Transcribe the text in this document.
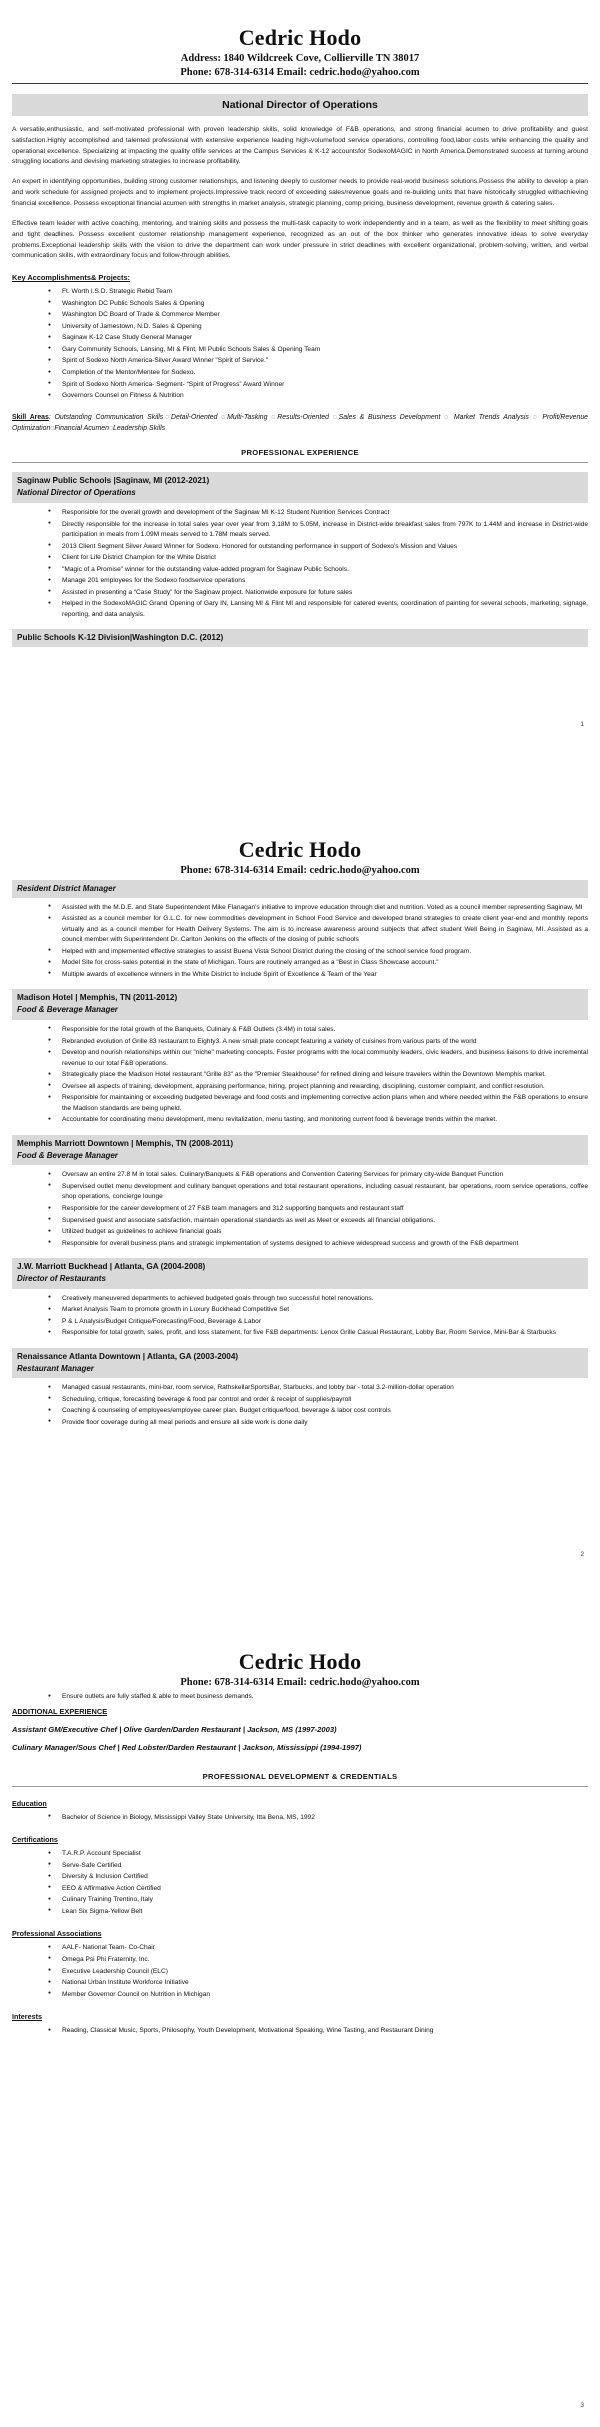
Cedric Hodo
Address: 1840 Wildcreek Cove, Collierville TN 38017
Phone: 678-314-6314 Email: cedric.hodo@yahoo.com
National Director of Operations

A versatile,enthusiastic, and self-motivated professional with proven leadership skills, solid knowledge of F&B operations, and strong financial acumen to drive profitability and guest satisfaction.Highly accomplished and talented professional with extensive experience leading high-volumefood service operations, controlling food,labor costs while enhancing the quality and operational excellence. Specializing at impacting the quality oflife services at the Campus Services & K-12 accountsfor SodexoMAGIC in North America.Demonstrated success at turning around struggling locations and devising marketing strategies to increase profitability.

An expert in identifying opportunities, building strong customer relationships, and listening deeply to customer needs to provide real-world business solutions.Possess the ability to develop a plan and work schedule for assigned projects and to implement projects.Impressive track record of exceeding sales/revenue goals and re-building units that have historically struggled withachieving financial excellence. Possess exceptional financial acumen with strengths in market analysis, strategic planning, comp pricing, business development, revenue growth & catering sales.

Effective team leader with active coaching, mentoring, and training skills and possess the multi-task capacity to work independently and in a team, as well as the flexibility to meet shifting goals and tight deadlines. Possess excellent customer relationship management experience, recognized as an out of the box thinker who generates innovative ideas to solve everyday problems.Exceptional leadership skills with the vision to drive the department can work under pressure in strict deadlines with excellent organizational, problem-solving, written, and verbal communication skills, with extraordinary focus and follow-through abilities.

Key Accomplishments& Projects:
● Ft. Worth I.S.D. Strategic Rebid Team
● Washington DC Public Schools Sales & Opening
● Washington DC Board of Trade & Commerce Member
● University of Jamestown, N.D. Sales & Opening
● Saginaw K-12 Case Study General Manager
● Gary Community Schools, Lansing, MI & Flint, MI Public Schools Sales & Opening Team
● Spirit of Sodexo North America-Silver Award Winner "Spirit of Service."
● Completion of the Mentor/Mentee for Sodexo.
● Spirit of Sodexo North America- Segment- “Spirit of Progress” Award Winner
● Governors Counsel on Fitness & Nutrition
Skill Areas: Outstanding Communication Skills◌Detail-Oriented ◌Multi-Tasking ◌Results-Oriented ◌Sales & Business Development ◌ Market Trends Analysis ◌ Profit/Revenue Optimization◌Financial Acumen◌Leadership Skills
PROFESSIONAL EXPERIENCE
Saginaw Public Schools |Saginaw, MI (2012-2021)
National Director of Operations
● Responsible for the overall growth and development of the Saginaw MI K-12 Student Nutrition Services Contract
● Directly responsible for the increase in total sales year over year from 3.18M to 5.05M, increase in District-wide breakfast sales from 797K to 1.44M and increase in District-wide participation in meals from 1.09M meals served to 1.78M meals served.
● 2013 Client Segment Silver Award Winner for Sodexo. Honored for outstanding performance in support of Sodexo’s Mission and Values
● Client for Life District Champion for the White District
● "Magic of a Promise" winner for the outstanding value-added program for Saginaw Public Schools.
● Manage 201 employees for the Sodexo foodservice operations
● Assisted in presenting a “Case Study” for the Saginaw project. Nationwide exposure for future sales
● Helped in the SodexoMAGIC Grand Opening of Gary IN, Lansing MI & Flint MI and responsible for catered events, coordination of painting for several schools, marketing, signage, reporting, and data analysis.
Public Schools K-12 Division|Washington D.C. (2012)
1
Cedric Hodo
Phone: 678-314-6314 Email: cedric.hodo@yahoo.com
Resident District Manager
● Assisted with the M.D.E. and State Superintendent Mike Flanagan's initiative to improve education through diet and nutrition. Voted as a council member representing Saginaw, MI
● Assisted as a council member for G.L.C. for new commodities development in School Food Service and developed brand strategies to create client year-end and monthly reports virtually and as a council member for Health Delivery Systems. The aim is to increase awareness around subjects that affect student Well Being in Saginaw, MI. Assisted as a council member with Superintendent Dr. Carlton Jenkins on the effects of the closing of public schools
● Helped with and implemented effective strategies to assist Buena Vista School District during the closing of the school service food program.
● Model Site for cross-sales potential in the state of Michigan. Tours are routinely arranged as a "Best in Class Showcase account."
● Multiple awards of excellence winners in the White District to include Spirit of Excellence & Team of the Year
Madison Hotel | Memphis, TN (2011-2012)
Food & Beverage Manager
● Responsible for the total growth of the Banquets, Culinary & F&B Outlets (3.4M) in total sales.
● Rebranded evolution of Grille 83 restaurant to Eighty3. A new small plate concept featuring a variety of cuisines from various parts of the world
● Develop and nourish relationships within our "niche" marketing concepts. Foster programs with the local community leaders, civic leaders, and business liaisons to drive incremental revenue to our total F&B operations.
● Strategically place the Madison Hotel restaurant "Grille 83" as the "Premier Steakhouse" for refined dining and leisure travelers within the Downtown Memphis market.
● Oversee all aspects of training, development, appraising performance, hiring, project planning and rewarding, disciplining, customer complaint, and conflict resolution.
● Responsible for maintaining or exceeding budgeted beverage and food costs and implementing corrective action plans when and where needed within the F&B operations to ensure the Madison standards are being upheld.
● Accountable for coordinating menu development, menu revitalization, menu tasting, and monitoring current food & beverage trends within the market.
Memphis Marriott Downtown | Memphis, TN (2008-2011)
Food & Beverage Manager
● Oversaw an entire 27.8 M in total sales. Culinary/Banquets & F&B operations and Convention Catering Services for primary city-wide Banquet Function
● Supervised outlet menu development and culinary banquet operations and total restaurant operations, including casual restaurant, bar operations, room service operations, coffee shop operations, concierge lounge
● Responsible for the career development of 27 F&B team managers and 312 supporting banquets and restaurant staff
● Supervised guest and associate satisfaction, maintain operational standards as well as Meet or exceeds all financial obligations.
● Utilized budget as guidelines to achieve financial goals
● Responsible for overall business plans and strategic implementation of systems designed to achieve widespread success and growth of the F&B department
J.W. Marriott Buckhead | Atlanta, GA (2004-2008)
Director of Restaurants
● Creatively maneuvered departments to achieved budgeted goals through two successful hotel renovations.
● Market Analysis Team to promote growth in Luxury Buckhead Competitive Set
● P & L Analysis/Budget Critique/Forecasting/Food, Beverage & Labor
● Responsible for total growth, sales, profit, and loss statement, for five F&B departments: Lenox Grille Casual Restaurant, Lobby Bar, Room Service, Mini-Bar & Starbucks
Renaissance Atlanta Downtown | Atlanta, GA (2003-2004)
Restaurant Manager
● Managed casual restaurants, mini-bar, room service, RathskellarSportsBar, Starbucks, and lobby bar - total 3.2-million-dollar operation
● Scheduling, critique, forecasting beverage & food par control and order & receipt of supplies/payroll
● Coaching & counseling of employees/employee career plan. Budget critique/food, beverage & labor cost controls
● Provide floor coverage during all meal periods and ensure all side work is done daily
2
Cedric Hodo
Phone: 678-314-6314 Email: cedric.hodo@yahoo.com
● Ensure outlets are fully staffed & able to meet business demands.
ADDITIONAL EXPERIENCE
Assistant GM/Executive Chef | Olive Garden/Darden Restaurant | Jackson, MS (1997-2003)
Culinary Manager/Sous Chef | Red Lobster/Darden Restaurant | Jackson, Mississippi (1994-1997)
PROFESSIONAL DEVELOPMENT & CREDENTIALS
Education
● Bachelor of Science in Biology, Mississippi Valley State University, Itta Bena, MS, 1992
Certifications
● T.A.R.P. Account Specialist
● Serve-Safe Certified
● Diversity & Inclusion Certified
● EEO & Affirmative Action Certified
● Culinary Training Trentino, Italy
● Lean Six Sigma-Yellow Belt
Professional Associations
● AALF- National Team- Co-Chair
● Omega Psi Phi Fraternity, Inc.
● Executive Leadership Council (ELC)
● National Urban Institute Workforce Initiative
● Member Governor Council on Nutrition in Michigan
Interests
● Reading, Classical Music, Sports, Philosophy, Youth Development, Motivational Speaking, Wine Tasting, and Restaurant Dining
3
